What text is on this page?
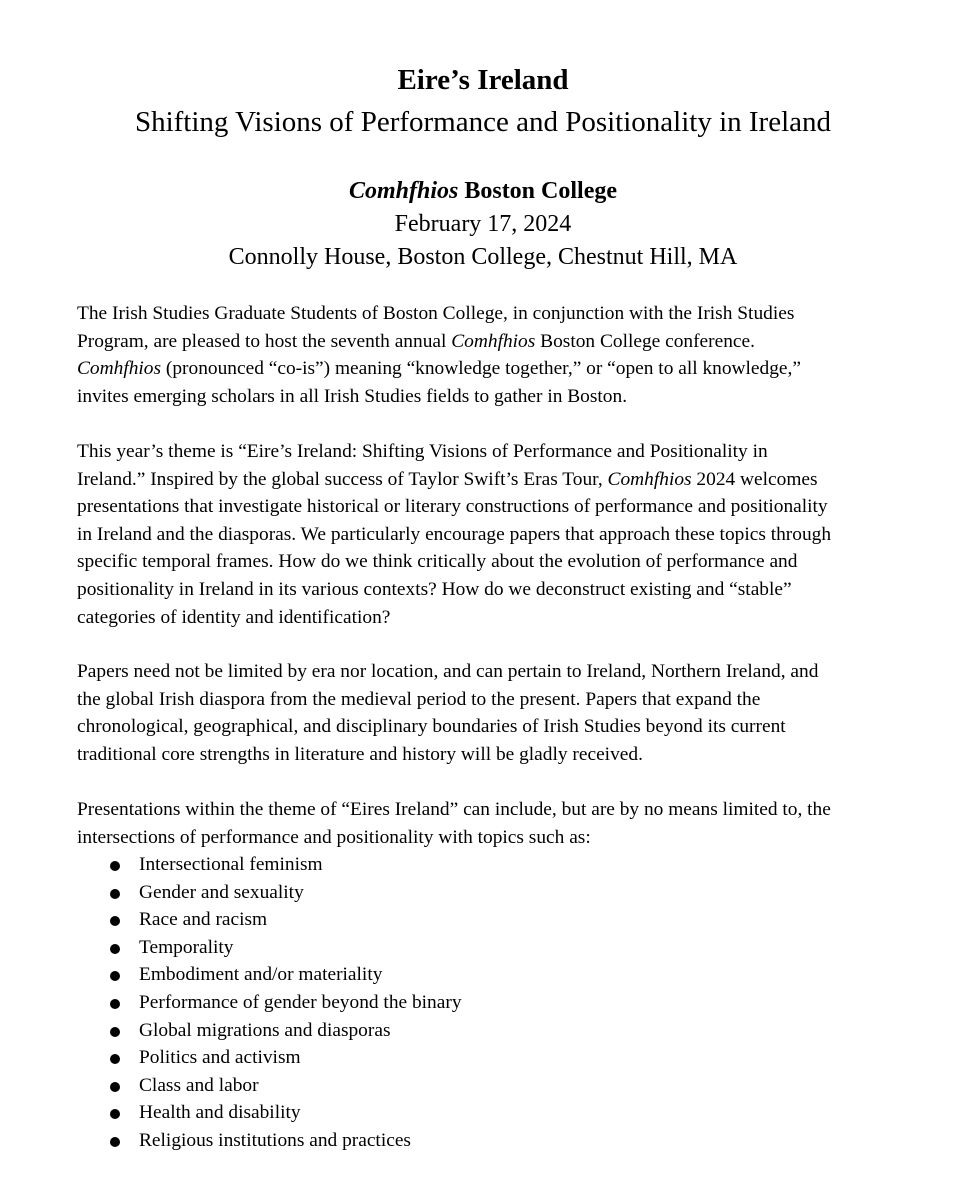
Eire’s Ireland
Shifting Visions of Performance and Positionality in Ireland

Comhfhios Boston College

February 17, 2024

Connolly House, Boston College, Chestnut Hill, MA

The Irish Studies Graduate Students of Boston College, in conjunction with the Irish Studies
Program, are pleased to host the seventh annual Comhfhios Boston College conference.
Comhfhios (pronounced “co-is”) meaning “knowledge together,” or “open to all knowledge,”
invites emerging scholars in all Irish Studies fields to gather in Boston.

This year’s theme is “Eire’s Ireland: Shifting Visions of Performance and Positionality in
Ireland.” Inspired by the global success of Taylor Swift’s Eras Tour, Comhfhios 2024 welcomes
presentations that investigate historical or literary constructions of performance and positionality
in Ireland and the diasporas. We particularly encourage papers that approach these topics through
specific temporal frames. How do we think critically about the evolution of performance and
positionality in Ireland in its various contexts? How do we deconstruct existing and “stable”
categories of identity and identification?

Papers need not be limited by era nor location, and can pertain to Ireland, Northern Ireland, and
the global Irish diaspora from the medieval period to the present. Papers that expand the
chronological, geographical, and disciplinary boundaries of Irish Studies beyond its current
traditional core strengths in literature and history will be gladly received.

Presentations within the theme of “Eires Ireland” can include, but are by no means limited to, the
intersections of performance and positionality with topics such as:

Intersectional feminism
Gender and sexuality
Race and racism
Temporality
Embodiment and/or materiality
Performance of gender beyond the binary
Global migrations and diasporas
Politics and activism
Class and labor
Health and disability
Religious institutions and practices
